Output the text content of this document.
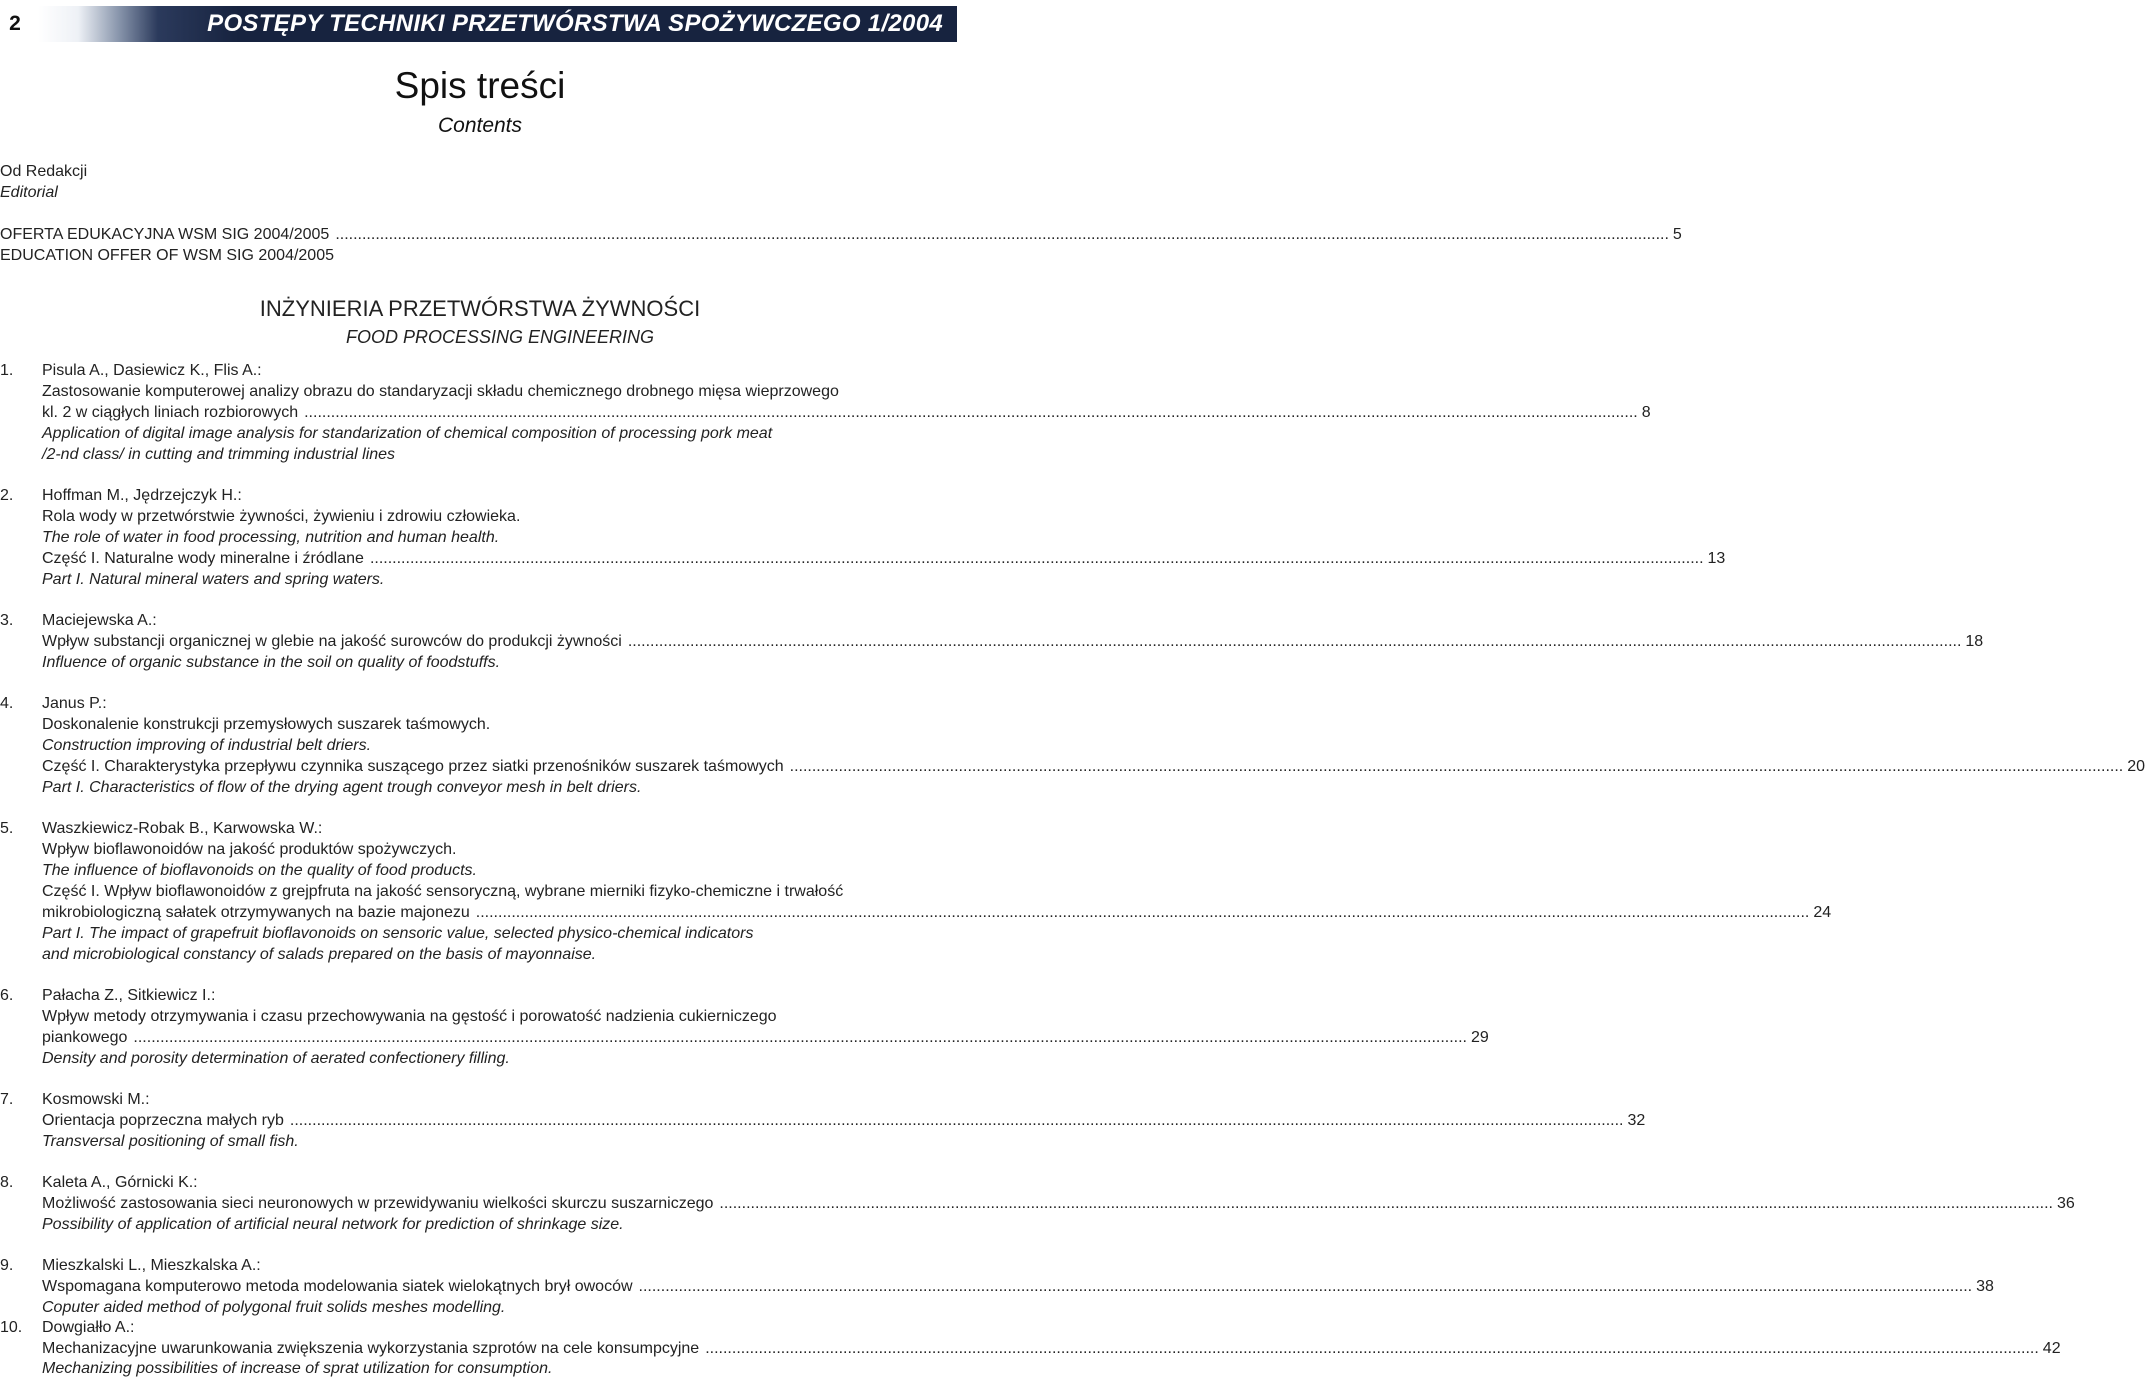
2	POSTĘPY TECHNIKI PRZETWÓRSTWA SPOŻYWCZEGO 1/2004
Spis treści
Contents
Od Redakcji
Editorial
OFERTA EDUKACYJNA WSM SIG 2004/2005 ............................................................................................................................................................................................................................................................................................................ 5
EDUCATION OFFER OF WSM SIG 2004/2005
INŻYNIERIA PRZETWÓRSTWA ŻYWNOŚCI
FOOD PROCESSING ENGINEERING
1. Pisula A., Dasiewicz K., Flis A.:
Zastosowanie komputerowej analizy obrazu do standaryzacji składu chemicznego drobnego mięsa wieprzowego
kl. 2 w ciągłych liniach rozbiorowych ............................................................................................................................................................................................................................................................................................................ 8
Application of digital image analysis for standarization of chemical composition of processing pork meat
/2-nd class/ in cutting and trimming industrial lines
2. Hoffman M., Jędrzejczyk H.:
Rola wody w przetwórstwie żywności, żywieniu i zdrowiu człowieka.
The role of water in food processing, nutrition and human health.
Część I. Naturalne wody mineralne i źródlane ............................................................................................................................................................................................................................................................................................................ 13
Part I. Natural mineral waters and spring waters.
3. Maciejewska A.:
Wpływ substancji organicznej w glebie na jakość surowców do produkcji żywności ............................................................................................................................................................................................................................................................................................................ 18
Influence of organic substance in the soil on quality of foodstuffs.
4. Janus P.:
Doskonalenie konstrukcji przemysłowych suszarek taśmowych.
Construction improving of industrial belt driers.
Część I. Charakterystyka przepływu czynnika suszącego przez siatki przenośników suszarek taśmowych ............................................................................................................................................................................................................................................................................................................ 20
Part I. Characteristics of flow of the drying agent trough conveyor mesh in belt driers.
5. Waszkiewicz-Robak B., Karwowska W.:
Wpływ bioflawonoidów na jakość produktów spożywczych.
The influence of bioflavonoids on the quality of food products.
Część I. Wpływ bioflawonoidów z grejpfruta na jakość sensoryczną, wybrane mierniki fizyko-chemiczne i trwałość
mikrobiologiczną sałatek otrzymywanych na bazie majonezu ............................................................................................................................................................................................................................................................................................................ 24
Part I. The impact of grapefruit bioflavonoids on sensoric value, selected physico-chemical indicators
and microbiological constancy of salads prepared on the basis of mayonnaise.
6. Pałacha Z., Sitkiewicz I.:
Wpływ metody otrzymywania i czasu przechowywania na gęstość i porowatość nadzienia cukierniczego
piankowego ............................................................................................................................................................................................................................................................................................................ 29
Density and porosity determination of aerated confectionery filling.
7. Kosmowski M.:
Orientacja poprzeczna małych ryb ............................................................................................................................................................................................................................................................................................................ 32
Transversal positioning of small fish.
8. Kaleta A., Górnicki K.:
Możliwość zastosowania sieci neuronowych w przewidywaniu wielkości skurczu suszarniczego ............................................................................................................................................................................................................................................................................................................ 36
Possibility of application of artificial neural network for prediction of shrinkage size.
9. Mieszkalski L., Mieszkalska A.:
Wspomagana komputerowo metoda modelowania siatek wielokątnych brył owoców ............................................................................................................................................................................................................................................................................................................ 38
Coputer aided method of polygonal fruit solids meshes modelling.
10. Dowgiałło A.:
Mechanizacyjne uwarunkowania zwiększenia wykorzystania szprotów na cele konsumpcyjne ............................................................................................................................................................................................................................................................................................................ 42
Mechanizing possibilities of increase of sprat utilization for consumption.
